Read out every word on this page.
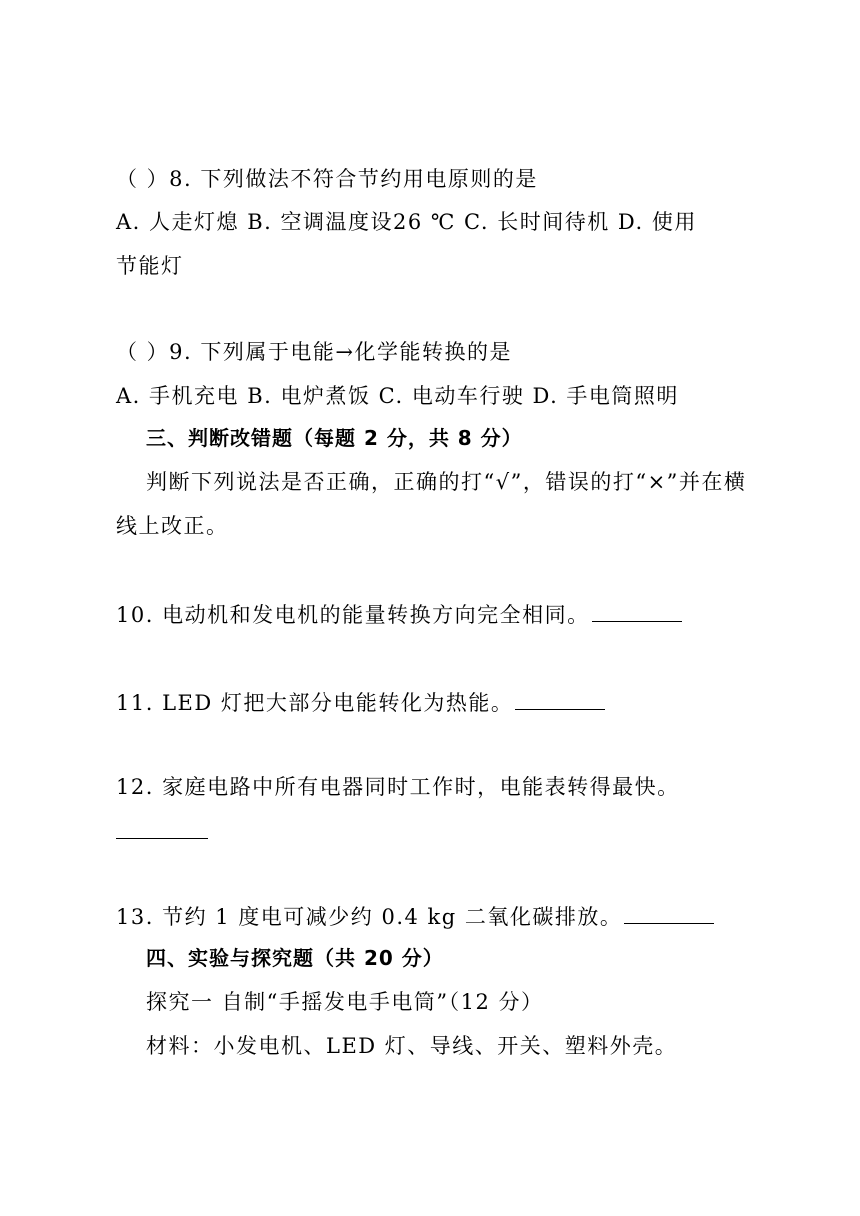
（ ）8. 下列做法不符合节约用电原则的是
A. 人走灯熄 B. 空调温度设26 ℃ C. 长时间待机 D. 使用
节能灯
（ ）9. 下列属于电能→化学能转换的是
A. 手机充电 B. 电炉煮饭 C. 电动车行驶 D. 手电筒照明
三、判断改错题（每题 2 分，共 8 分）
判断下列说法是否正确，正确的打“√”，错误的打“×”并在横线上改正。
10. 电动机和发电机的能量转换方向完全相同。
11. LED 灯把大部分电能转化为热能。
12. 家庭电路中所有电器同时工作时，电能表转得最快。
13. 节约 1 度电可减少约 0.4 kg 二氧化碳排放。
四、实验与探究题（共 20 分）
探究一 自制“手摇发电手电筒”（12 分）
材料：小发电机、LED 灯、导线、开关、塑料外壳。
